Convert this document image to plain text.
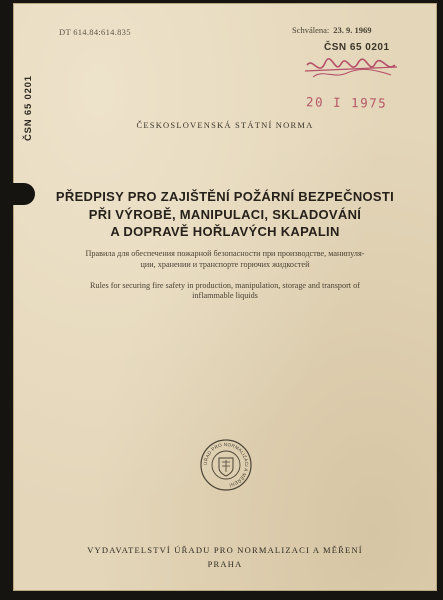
DT 614.84:614.835	Schválena: 23. 9. 1969
ČSN 65 0201
20 I 1975
ČSN 65 0201	ČESKOSLOVENSKÁ STÁTNÍ NORMA
PŘEDPISY PRO ZAJIŠTĚNÍ POŽÁRNÍ BEZPEČNOSTI
PŘI VÝROBĚ, MANIPULACI, SKLADOVÁNÍ
A DOPRAVĚ HOŘLAVÝCH KAPALIN
Правила для обеспечения пожарной безопасности при производстве, манипуля-
ции, хранении и транспорте горючих жидкостей
Rules for securing fire safety in production, manipulation, storage and transport of
inflammable liquids
ÚŘAD PRO NORMALIZACI A MĚŘENÍ
VYDAVATELSTVÍ ÚŘADU PRO NORMALIZACI A MĚŘENÍ
PRAHA
